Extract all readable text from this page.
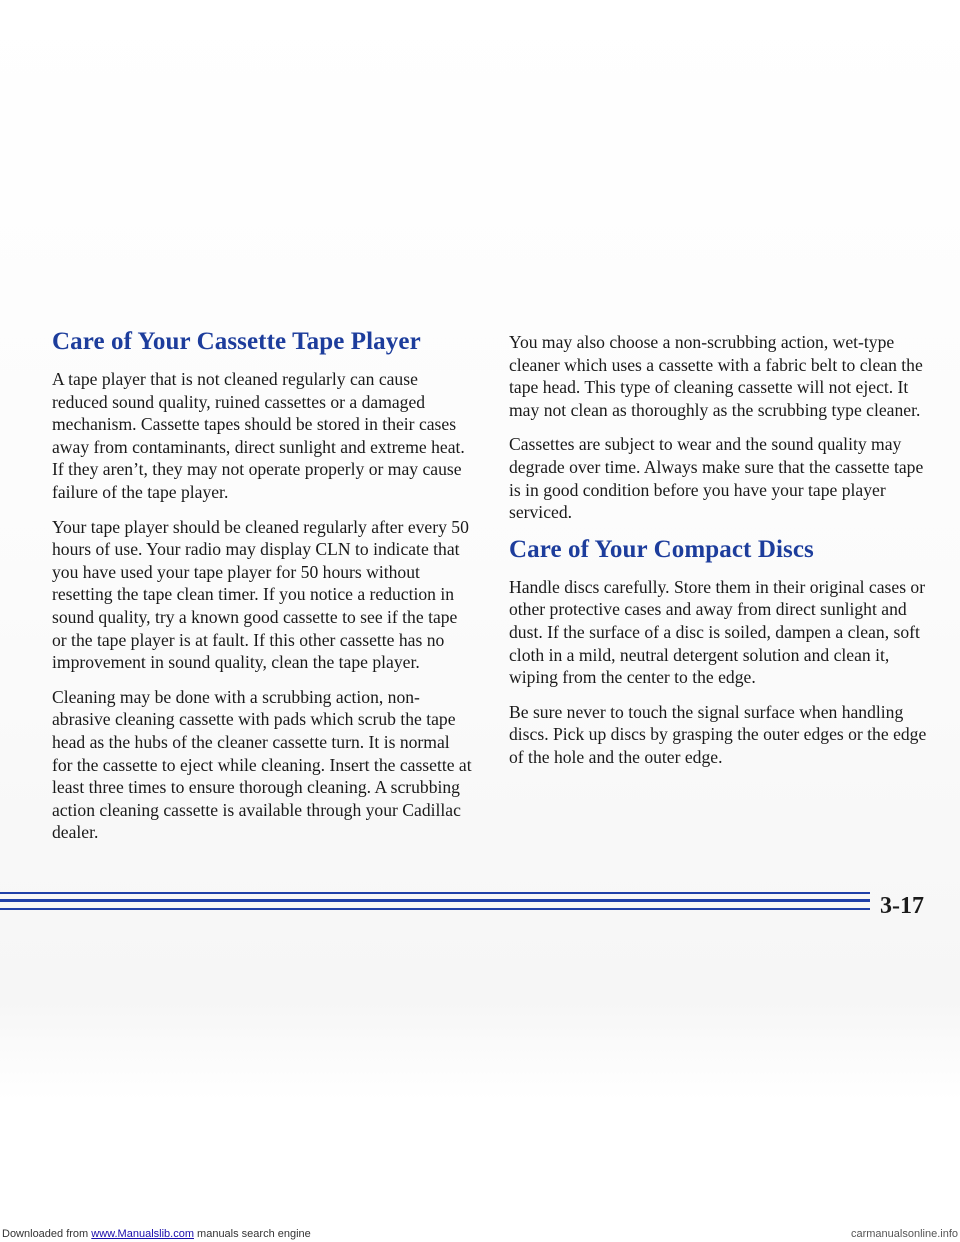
Care of Your Cassette Tape Player

A tape player that is not cleaned regularly can cause reduced sound quality, ruined cassettes or a damaged mechanism. Cassette tapes should be stored in their cases away from contaminants, direct sunlight and extreme heat. If they aren’t, they may not operate properly or may cause failure of the tape player.

Your tape player should be cleaned regularly after every 50 hours of use. Your radio may display CLN to indicate that you have used your tape player for 50 hours without resetting the tape clean timer. If you notice a reduction in sound quality, try a known good cassette to see if the tape or the tape player is at fault. If this other cassette has no improvement in sound quality, clean the tape player.

Cleaning may be done with a scrubbing action, non-abrasive cleaning cassette with pads which scrub the tape head as the hubs of the cleaner cassette turn. It is normal for the cassette to eject while cleaning. Insert the cassette at least three times to ensure thorough cleaning. A scrubbing action cleaning cassette is available through your Cadillac dealer.

You may also choose a non-scrubbing action, wet-type cleaner which uses a cassette with a fabric belt to clean the tape head. This type of cleaning cassette will not eject. It may not clean as thoroughly as the scrubbing type cleaner.

Cassettes are subject to wear and the sound quality may degrade over time. Always make sure that the cassette tape is in good condition before you have your tape player serviced.

Care of Your Compact Discs

Handle discs carefully. Store them in their original cases or other protective cases and away from direct sunlight and dust. If the surface of a disc is soiled, dampen a clean, soft cloth in a mild, neutral detergent solution and clean it, wiping from the center to the edge.

Be sure never to touch the signal surface when handling discs. Pick up discs by grasping the outer edges or the edge of the hole and the outer edge.

3-17
Downloaded from www.Manualslib.com manuals search engine	carmanualsonline.info
